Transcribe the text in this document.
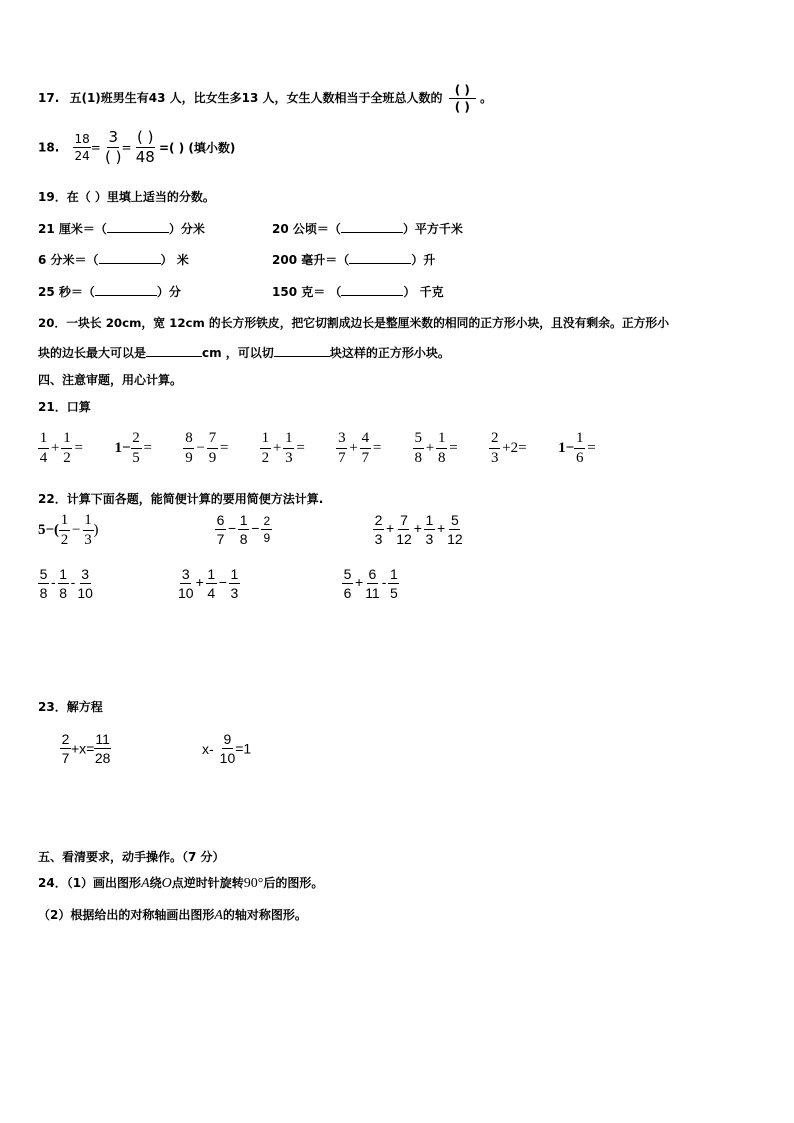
17. 五(1)班男生有43 人，比女生多13 人，女生人数相当于全班总人数的 $\frac{( )}{( )}$ 。
18. $\frac{18}{24} = \frac{3}{( )} = \frac{( )}{48}$ =( ) (填小数)
19．在（ ）里填上适当的分数。
21 厘米＝（	）分米	20 公顷＝（	）平方千米
6 分米＝（	） 米	200 毫升＝（	）升
25 秒＝（	）分	150 克＝ （	） 千克
20．一块长 20cm，宽 12cm 的长方形铁皮，把它切割成边长是整厘米数的相同的正方形小块，且没有剩余。正方形小
块的边长最大可以是	cm ，可以切	块这样的正方形小块。
四、注意审题，用心计算。
21．口算
$\frac{1}{4} + \frac{1}{2} = 1- \frac{2}{5} = \frac{8}{9} - \frac{7}{9} = \frac{1}{2} + \frac{1}{3} = \frac{3}{7} + \frac{4}{7} = \frac{5}{8} + \frac{1}{8} = \frac{2}{3} +2= 1- \frac{1}{6}$ =
22．计算下面各题，能简便计算的要用简便方法计算.
$5-( \frac{1}{2} - \frac{1}{3}$ )	$\frac{6}{7} - \frac{1}{8} - \frac{2}{9}$	$\frac{2}{3} + \frac{7}{12} + \frac{1}{3} + \frac{5}{12}$
$\frac{5}{8} - \frac{1}{8} - \frac{3}{10}$	$\frac{3}{10} + \frac{1}{4} - \frac{1}{3}$	$\frac{5}{6} + \frac{6}{11} - \frac{1}{5}$
23．解方程
$\frac{2}{7} +x= \frac{11}{28}$	$x- \frac{9}{10} =1$
五、看清要求，动手操作。（7 分）
24．（1）画出图形A绕O点逆时针旋转90°后的图形。
（2）根据给出的对称轴画出图形A的轴对称图形。
